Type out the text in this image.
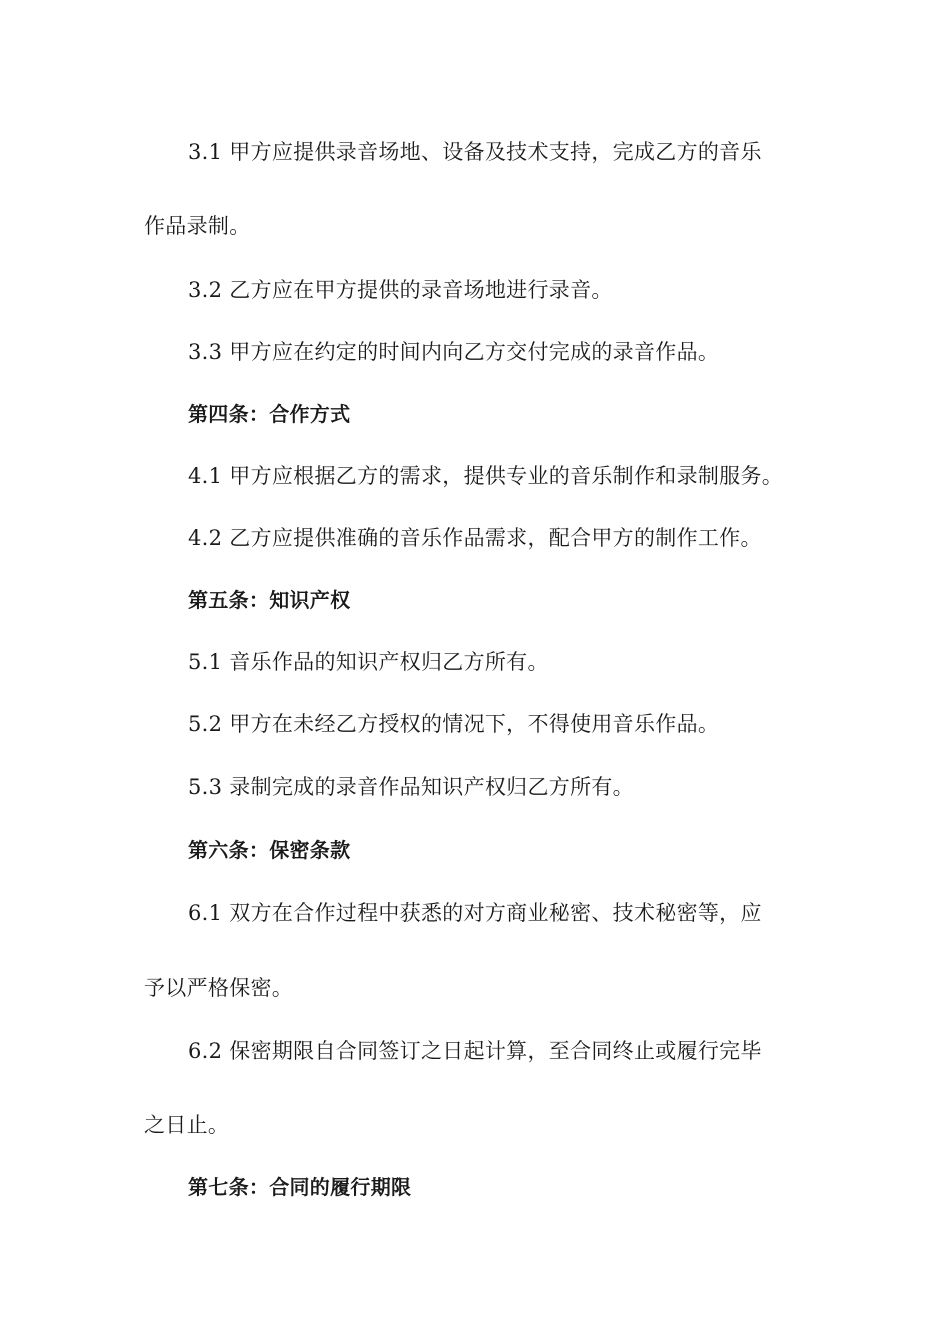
3.1 甲方应提供录音场地、设备及技术支持，完成乙方的音乐
作品录制。
3.2 乙方应在甲方提供的录音场地进行录音。
3.3 甲方应在约定的时间内向乙方交付完成的录音作品。
第四条：合作方式
4.1 甲方应根据乙方的需求，提供专业的音乐制作和录制服务。
4.2 乙方应提供准确的音乐作品需求，配合甲方的制作工作。
第五条：知识产权
5.1 音乐作品的知识产权归乙方所有。
5.2 甲方在未经乙方授权的情况下，不得使用音乐作品。
5.3 录制完成的录音作品知识产权归乙方所有。
第六条：保密条款
6.1 双方在合作过程中获悉的对方商业秘密、技术秘密等，应
予以严格保密。
6.2 保密期限自合同签订之日起计算，至合同终止或履行完毕
之日止。
第七条：合同的履行期限
